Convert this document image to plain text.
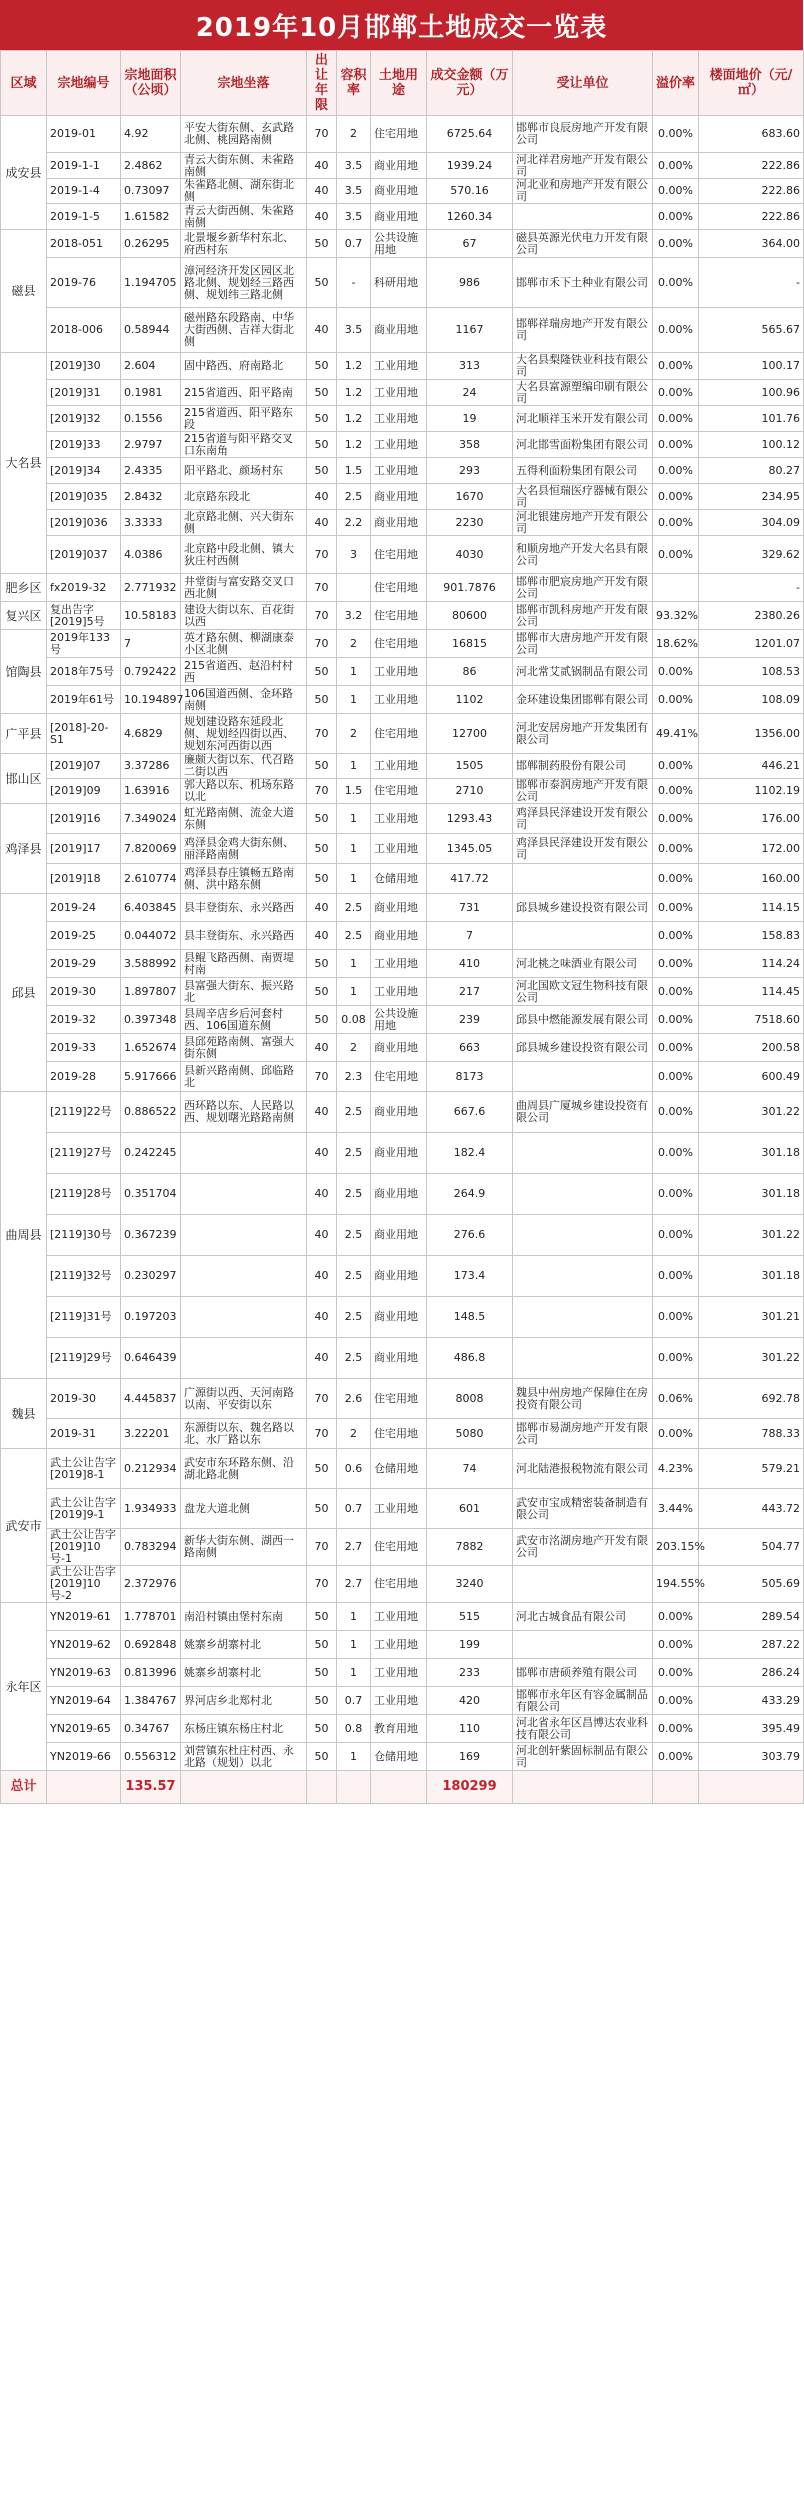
2019年10月邯郸土地成交一览表
区域	宗地编号	宗地面积（公顷）	宗地坐落	出让年限	容积率	土地用途	成交金额（万元）	受让单位	溢价率	楼面地价（元/㎡）
成安县	2019-01	4.92	平安大街东侧、玄武路北侧、桃园路南侧	70	2	住宅用地	6725.64	邯郸市良辰房地产开发有限公司	0.00%	683.60
	2019-1-1	2.4862	青云大街东侧、未雀路南侧	40	3.5	商业用地	1939.24	河北祥君房地产开发有限公司	0.00%	222.86
	2019-1-4	0.73097	朱雀路北侧、湖东街北侧	40	3.5	商业用地	570.16	河北业和房地产开发有限公司	0.00%	222.86
	2019-1-5	1.61582	青云大街西侧、朱雀路南侧	40	3.5	商业用地	1260.34		0.00%	222.86
磁县	2018-051	0.26295	北景堰乡新华村东北、府西村东	50	0.7	公共设施用地	67	磁县英源光伏电力开发有限公司	0.00%	364.00
	2019-76	1.194705	漳河经济开发区园区北路北侧、规划经三路西侧、规划纬三路北侧	50	-	科研用地	986	邯郸市禾下土种业有限公司	0.00%	-
	2018-006	0.58944	磁州路东段路南、中华大街西侧、吉祥大街北侧	40	3.5	商业用地	1167	邯郸祥瑞房地产开发有限公司	0.00%	565.67
大名县	[2019]30	2.604	固中路西、府南路北	50	1.2	工业用地	313	大名县梨隆铁业科技有限公司	0.00%	100.17
	[2019]31	0.1981	215省道西、阳平路南	50	1.2	工业用地	24	大名县富源塑编印刷有限公司	0.00%	100.96
	[2019]32	0.1556	215省道西、阳平路东段	50	1.2	工业用地	19	河北顺祥玉米开发有限公司	0.00%	101.76
	[2019]33	2.9797	215省道与阳平路交叉口东南角	50	1.2	工业用地	358	河北邯雪面粉集团有限公司	0.00%	100.12
	[2019]34	2.4335	阳平路北、颜场村东	50	1.5	工业用地	293	五得利面粉集团有限公司	0.00%	80.27
	[2019]035	2.8432	北京路东段北	40	2.5	商业用地	1670	大名县恒瑞医疗器械有限公司	0.00%	234.95
	[2019]036	3.3333	北京路北侧、兴大街东侧	40	2.2	商业用地	2230	河北银建房地产开发有限公司	0.00%	304.09
	[2019]037	4.0386	北京路中段北侧、镇大狄庄村西侧	70	3	住宅用地	4030	和顺房地产开发大名县有限公司	0.00%	329.62
肥乡区	fx2019-32	2.771932	井堂街与富安路交叉口西北侧	70		住宅用地	901.7876	邯郸市肥宸房地产开发有限公司		-
复兴区	复出告字[2019]5号	10.58183	建设大街以东、百花街以西	70	3.2	住宅用地	80600	邯郸市凯科房地产开发有限公司	93.32%	2380.26
馆陶县	2019年133号	7	英才路东侧、柳湖康泰小区北侧	70	2	住宅用地	16815	邯郸市大唐房地产开发有限公司	18.62%	1201.07
	2018年75号	0.792422	215省道西、赵沿村村西	50	1	工业用地	86	河北常艾贰锅制品有限公司	0.00%	108.53
	2019年61号	10.194897	106国道西侧、金环路南侧	50	1	工业用地	1102	金环建设集团邯郸有限公司	0.00%	108.09
广平县	[2018]-20-S1	4.6829	规划建设路东延段北侧、规划经四街以西、规划东河西街以西	70	2	住宅用地	12700	河北安居房地产开发集团有限公司	49.41%	1356.00
邯山区	[2019]07	3.37286	廉颇大街以东、代召路二街以西	50	1	工业用地	1505	邯郸制药股份有限公司	0.00%	446.21
	[2019]09	1.63916	郭大路以东、机场东路以北	70	1.5	住宅用地	2710	邯郸市泰润房地产开发有限公司	0.00%	1102.19
鸡泽县	[2019]16	7.349024	虹光路南侧、流金大道东侧	50	1	工业用地	1293.43	鸡泽县民泽建设开发有限公司	0.00%	176.00
	[2019]17	7.820069	鸡泽县金鸡大街东侧、丽泽路南侧	50	1	工业用地	1345.05	鸡泽县民泽建设开发有限公司	0.00%	172.00
	[2019]18	2.610774	鸡泽县春庄镇畅五路南侧、洪中路东侧	50	1	仓储用地	417.72		0.00%	160.00
邱县	2019-24	6.403845	县丰登街东、永兴路西	40	2.5	商业用地	731	邱县城乡建设投资有限公司	0.00%	114.15
	2019-25	0.044072	县丰登街东、永兴路西	40	2.5	商业用地	7		0.00%	158.83
	2019-29	3.588992	县鲲飞路西侧、南贾堤村南	50	1	工业用地	410	河北桃之味酒业有限公司	0.00%	114.24
	2019-30	1.897807	县富强大街东、振兴路北	50	1	工业用地	217	河北国欧文冠生物科技有限公司	0.00%	114.45
	2019-32	0.397348	县周辛店乡后河套村西、106国道东侧	50	0.08	公共设施用地	239	邱县中燃能源发展有限公司	0.00%	7518.60
	2019-33	1.652674	县邱苑路南侧、富强大街东侧	40	2	商业用地	663	邱县城乡建设投资有限公司	0.00%	200.58
	2019-28	5.917666	县新兴路南侧、邱临路北	70	2.3	住宅用地	8173		0.00%	600.49
曲周县	[2119]22号	0.886522	西环路以东、人民路以西、规划曙光路路南侧	40	2.5	商业用地	667.6	曲周县广厦城乡建设投资有限公司	0.00%	301.22
	[2119]27号	0.242245		40	2.5	商业用地	182.4		0.00%	301.18
	[2119]28号	0.351704		40	2.5	商业用地	264.9		0.00%	301.18
	[2119]30号	0.367239		40	2.5	商业用地	276.6		0.00%	301.22
	[2119]32号	0.230297		40	2.5	商业用地	173.4		0.00%	301.18
	[2119]31号	0.197203		40	2.5	商业用地	148.5		0.00%	301.21
	[2119]29号	0.646439		40	2.5	商业用地	486.8		0.00%	301.22
魏县	2019-30	4.445837	广源街以西、天河南路以南、平安街以东	70	2.6	住宅用地	8008	魏县中州房地产保障住在房投资有限公司	0.06%	692.78
	2019-31	3.22201	东源街以东、魏名路以北、水厂路以东	70	2	住宅用地	5080	邯郸市易湖房地产开发有限公司	0.00%	788.33
武安市	武土公让告字[2019]8-1	0.212934	武安市东环路东侧、沿湖北路北侧	50	0.6	仓储用地	74	河北陆港报税物流有限公司	4.23%	579.21
	武土公让告字[2019]9-1	1.934933	盘龙大道北侧	50	0.7	工业用地	601	武安市宝成精密装备制造有限公司	3.44%	443.72
	武土公让告字[2019]10号-1	0.783294	新华大街东侧、湖西一路南侧	70	2.7	住宅用地	7882	武安市洺湖房地产开发有限公司	203.15%	504.77
	武土公让告字[2019]10号-2	2.372976		70	2.7	住宅用地	3240		194.55%	505.69
永年区	YN2019-61	1.778701	南沿村镇由堡村东南	50	1	工业用地	515	河北古城食品有限公司	0.00%	289.54
	YN2019-62	0.692848	姚寨乡胡寨村北	50	1	工业用地	199		0.00%	287.22
	YN2019-63	0.813996	姚寨乡胡寨村北	50	1	工业用地	233	邯郸市唐硕养殖有限公司	0.00%	286.24
	YN2019-64	1.384767	界河店乡北郑村北	50	0.7	工业用地	420	邯郸市永年区有容金属制品有限公司	0.00%	433.29
	YN2019-65	0.34767	东杨庄镇东杨庄村北	50	0.8	教育用地	110	河北省永年区昌博达农业科技有限公司	0.00%	395.49
	YN2019-66	0.556312	刘营镇东杜庄村西、永北路（规划）以北	50	1	仓储用地	169	河北创轩紫固标制品有限公司	0.00%	303.79
总计		135.57					180299			
